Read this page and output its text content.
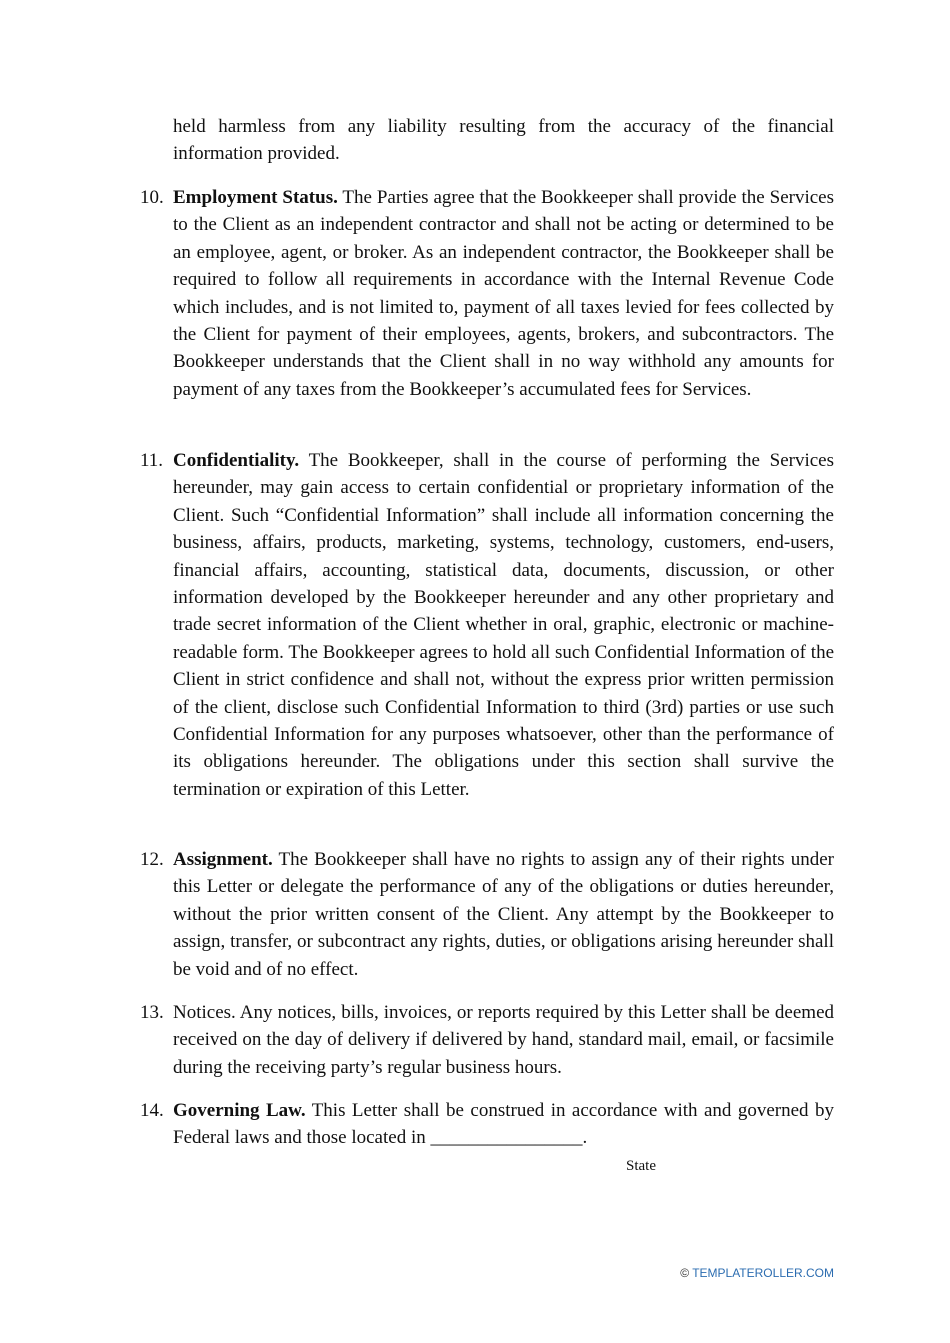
held harmless from any liability resulting from the accuracy of the financial information provided.
10. Employment Status. The Parties agree that the Bookkeeper shall provide the Services to the Client as an independent contractor and shall not be acting or determined to be an employee, agent, or broker. As an independent contractor, the Bookkeeper shall be required to follow all requirements in accordance with the Internal Revenue Code which includes, and is not limited to, payment of all taxes levied for fees collected by the Client for payment of their employees, agents, brokers, and subcontractors. The Bookkeeper understands that the Client shall in no way withhold any amounts for payment of any taxes from the Bookkeeper’s accumulated fees for Services.
11. Confidentiality. The Bookkeeper, shall in the course of performing the Services hereunder, may gain access to certain confidential or proprietary information of the Client. Such “Confidential Information” shall include all information concerning the business, affairs, products, marketing, systems, technology, customers, end-users, financial affairs, accounting, statistical data, documents, discussion, or other information developed by the Bookkeeper hereunder and any other proprietary and trade secret information of the Client whether in oral, graphic, electronic or machine-readable form. The Bookkeeper agrees to hold all such Confidential Information of the Client in strict confidence and shall not, without the express prior written permission of the client, disclose such Confidential Information to third (3rd) parties or use such Confidential Information for any purposes whatsoever, other than the performance of its obligations hereunder. The obligations under this section shall survive the termination or expiration of this Letter.
12. Assignment. The Bookkeeper shall have no rights to assign any of their rights under this Letter or delegate the performance of any of the obligations or duties hereunder, without the prior written consent of the Client. Any attempt by the Bookkeeper to assign, transfer, or subcontract any rights, duties, or obligations arising hereunder shall be void and of no effect.
13. Notices. Any notices, bills, invoices, or reports required by this Letter shall be deemed received on the day of delivery if delivered by hand, standard mail, email, or facsimile during the receiving party’s regular business hours.
14. Governing Law. This Letter shall be construed in accordance with and governed by Federal laws and those located in ________________.
State
© TEMPLATEROLLER.COM
